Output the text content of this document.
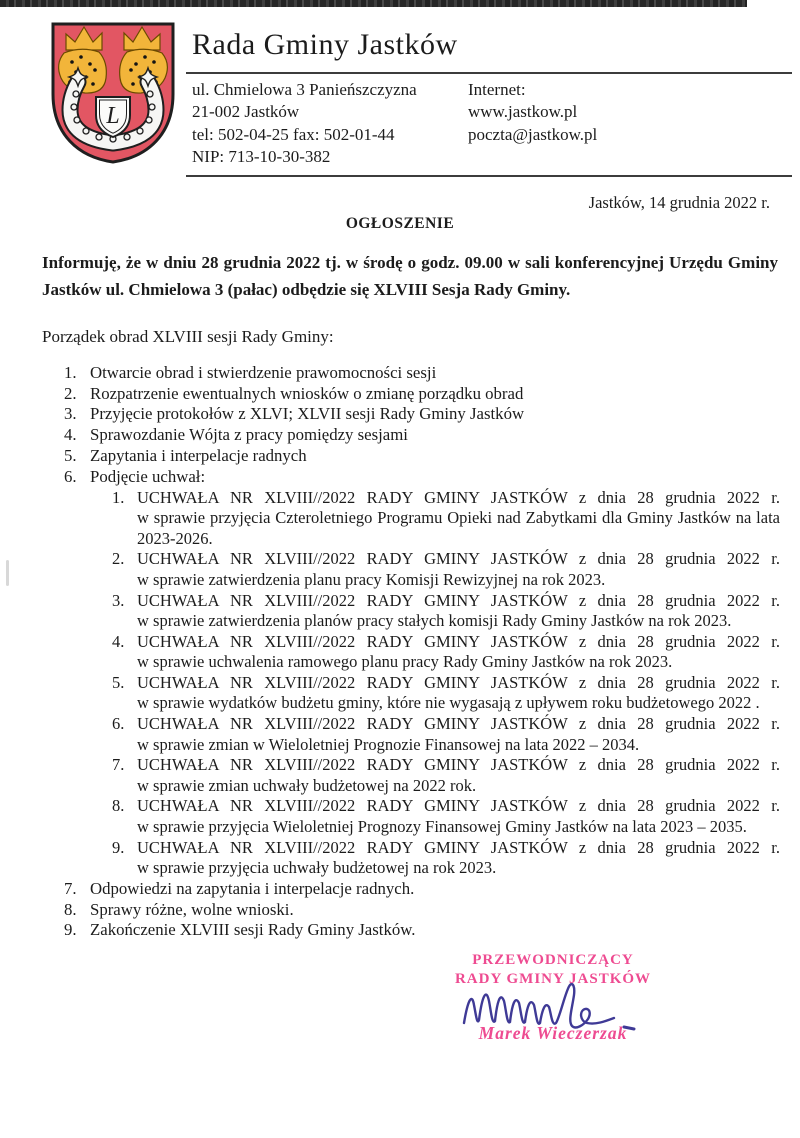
L
Rada Gminy Jastków
ul. Chmielowa 3 Panieńszczyzna
21-002 Jastków
tel: 502-04-25 fax: 502-01-44
NIP: 713-10-30-382
Internet:
www.jastkow.pl
poczta@jastkow.pl
Jastków, 14 grudnia 2022 r.
OGŁOSZENIE
Informuję, że w dniu 28 grudnia 2022 tj. w środę o godz. 09.00 w sali konferencyjnej Urzędu Gminy Jastków ul. Chmielowa 3 (pałac) odbędzie się XLVIII Sesja Rady Gminy.
Porządek obrad XLVIII sesji Rady Gminy:
1. Otwarcie obrad i stwierdzenie prawomocności sesji
2. Rozpatrzenie ewentualnych wniosków o zmianę porządku obrad
3. Przyjęcie protokołów z XLVI; XLVII sesji Rady Gminy Jastków
4. Sprawozdanie Wójta z pracy pomiędzy sesjami
5. Zapytania i interpelacje radnych
6. Podjęcie uchwał:
1. UCHWAŁA NR XLVIII//2022 RADY GMINY JASTKÓW z dnia 28 grudnia 2022 r.
w sprawie przyjęcia Czteroletniego Programu Opieki nad Zabytkami dla Gminy Jastków na lata 2023-2026.
2. UCHWAŁA NR XLVIII//2022 RADY GMINY JASTKÓW z dnia 28 grudnia 2022 r.
w sprawie zatwierdzenia planu pracy Komisji Rewizyjnej na rok 2023.
3. UCHWAŁA NR XLVIII//2022 RADY GMINY JASTKÓW z dnia 28 grudnia 2022 r.
w sprawie zatwierdzenia planów pracy stałych komisji Rady Gminy Jastków na rok 2023.
4. UCHWAŁA NR XLVIII//2022 RADY GMINY JASTKÓW z dnia 28 grudnia 2022 r.
w sprawie uchwalenia ramowego planu pracy Rady Gminy Jastków na rok 2023.
5. UCHWAŁA NR XLVIII//2022 RADY GMINY JASTKÓW z dnia 28 grudnia 2022 r.
w sprawie wydatków budżetu gminy, które nie wygasają z upływem roku budżetowego 2022 .
6. UCHWAŁA NR XLVIII//2022 RADY GMINY JASTKÓW z dnia 28 grudnia 2022 r.
w sprawie zmian w Wieloletniej Prognozie Finansowej na lata 2022 – 2034.
7. UCHWAŁA NR XLVIII//2022 RADY GMINY JASTKÓW z dnia 28 grudnia 2022 r.
w sprawie zmian uchwały budżetowej na 2022 rok.
8. UCHWAŁA NR XLVIII//2022 RADY GMINY JASTKÓW z dnia 28 grudnia 2022 r.
w sprawie przyjęcia Wieloletniej Prognozy Finansowej Gminy Jastków na lata 2023 – 2035.
9. UCHWAŁA NR XLVIII//2022 RADY GMINY JASTKÓW z dnia 28 grudnia 2022 r.
w sprawie przyjęcia uchwały budżetowej na rok 2023.
7. Odpowiedzi na zapytania i interpelacje radnych.
8. Sprawy różne, wolne wnioski.
9. Zakończenie XLVIII sesji Rady Gminy Jastków.
PRZEWODNICZĄCY
RADY GMINY JASTKÓW
Marek Wieczerzak
